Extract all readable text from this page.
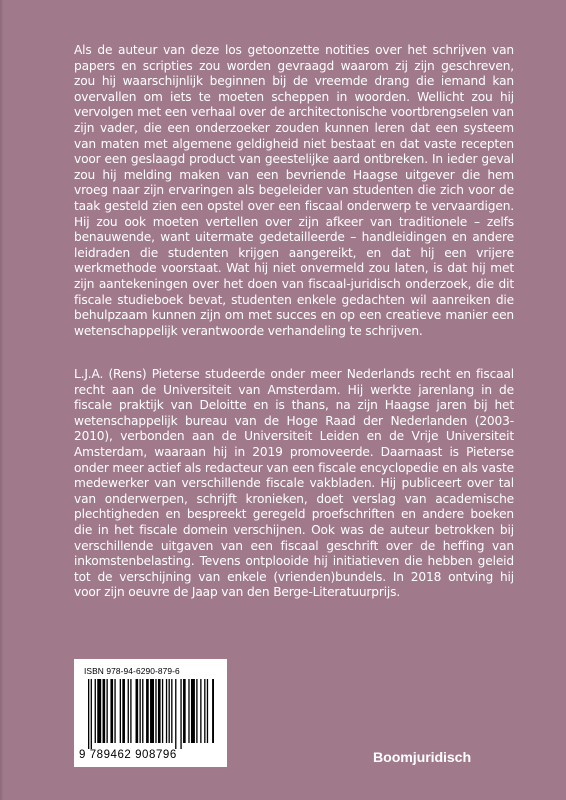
Als de auteur van deze los getoonzette notities over het schrijven van papers en scripties zou worden gevraagd waarom zij zijn geschreven, zou hij waarschijnlijk beginnen bij de vreemde drang die iemand kan overvallen om iets te moeten scheppen in woorden. Wellicht zou hij vervolgen met een verhaal over de architectonische voortbrengselen van zijn vader, die een onderzoeker zouden kunnen leren dat een systeem van maten met algemene geldigheid niet bestaat en dat vaste recepten voor een geslaagd product van geestelijke aard ontbreken. In ieder geval zou hij melding maken van een bevriende Haagse uitgever die hem vroeg naar zijn ervaringen als begeleider van studenten die zich voor de taak gesteld zien een opstel over een fiscaal onderwerp te vervaardigen. Hij zou ook moeten vertellen over zijn afkeer van traditionele – zelfs benauwende, want uitermate gedetailleerde – handleidingen en andere leidraden die studenten krijgen aangereikt, en dat hij een vrijere werkmethode voorstaat. Wat hij niet onvermeld zou laten, is dat hij met zijn aantekeningen over het doen van fiscaal-juridisch onderzoek, die dit fiscale studieboek bevat, studenten enkele gedachten wil aanreiken die behulpzaam kunnen zijn om met succes en op een creatieve manier een wetenschappelijk verantwoorde verhandeling te schrijven.

L.J.A. (Rens) Pieterse studeerde onder meer Nederlands recht en fiscaal recht aan de Universiteit van Amsterdam. Hij werkte jarenlang in de fiscale praktijk van Deloitte en is thans, na zijn Haagse jaren bij het wetenschappelijk bureau van de Hoge Raad der Nederlanden (2003-2010), verbonden aan de Universiteit Leiden en de Vrije Universiteit Amsterdam, waaraan hij in 2019 promoveerde. Daarnaast is Pieterse onder meer actief als redacteur van een fiscale encyclopedie en als vaste medewerker van verschillende fiscale vakbladen. Hij publiceert over tal van onderwerpen, schrijft kronieken, doet verslag van academische plechtigheden en bespreekt geregeld proefschriften en andere boeken die in het fiscale domein verschijnen. Ook was de auteur betrokken bij verschillende uitgaven van een fiscaal geschrift over de heffing van inkomstenbelasting. Tevens ontplooide hij initiatieven die hebben geleid tot de verschijning van enkele (vrienden)bundels. In 2018 ontving hij voor zijn oeuvre de Jaap van den Berge-Literatuurprijs.

ISBN 978-94-6290-879-6
9 789462 908796	Boomjuridisch
